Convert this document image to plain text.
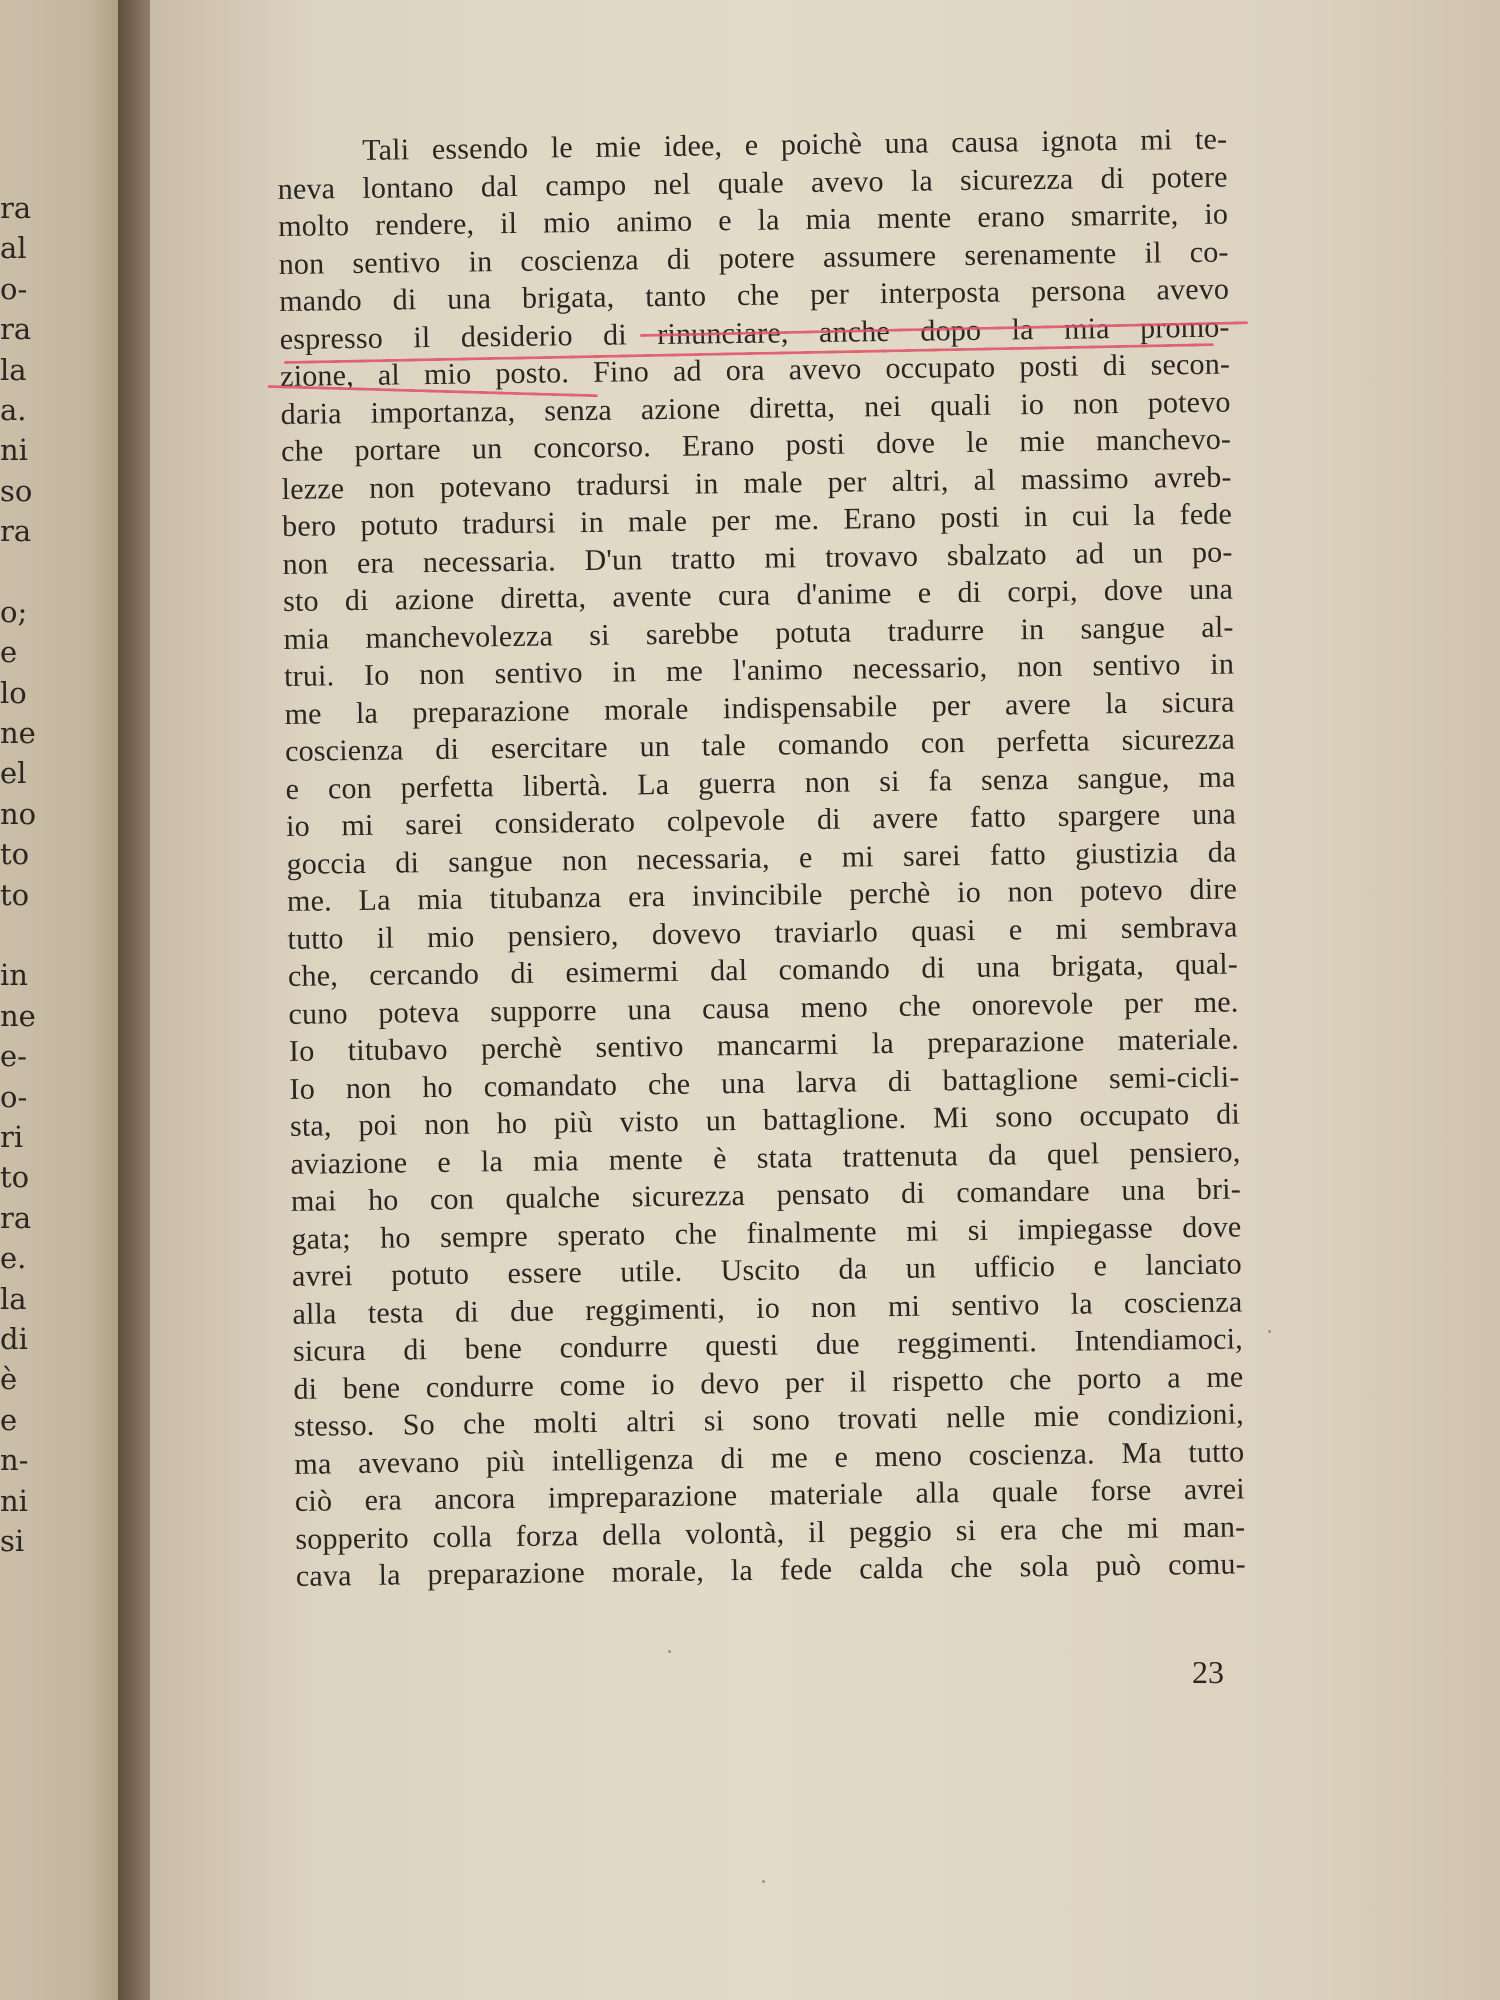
ra
al
o-
ra
la
a.
ni
so
ra
o;
e
lo
ne
el
no
to
to
in
ne
e-
o-
ri
to
ra
e.
la
di
è
e
n-
ni
si
Tali essendo le mie idee, e poichè una causa ignota mi te-
neva lontano dal campo nel quale avevo la sicurezza di potere
molto rendere, il mio animo e la mia mente erano smarrite, io
non sentivo in coscienza di potere assumere serenamente il co-
mando di una brigata, tanto che per interposta persona avevo
espresso il desiderio di rinunciare, anche dopo la mia promo-
zione, al mio posto. Fino ad ora avevo occupato posti di secon-
daria importanza, senza azione diretta, nei quali io non potevo
che portare un concorso. Erano posti dove le mie manchevo-
lezze non potevano tradursi in male per altri, al massimo avreb-
bero potuto tradursi in male per me. Erano posti in cui la fede
non era necessaria. D'un tratto mi trovavo sbalzato ad un po-
sto di azione diretta, avente cura d'anime e di corpi, dove una
mia manchevolezza si sarebbe potuta tradurre in sangue al-
trui. Io non sentivo in me l'animo necessario, non sentivo in
me la preparazione morale indispensabile per avere la sicura
coscienza di esercitare un tale comando con perfetta sicurezza
e con perfetta libertà. La guerra non si fa senza sangue, ma
io mi sarei considerato colpevole di avere fatto spargere una
goccia di sangue non necessaria, e mi sarei fatto giustizia da
me. La mia titubanza era invincibile perchè io non potevo dire
tutto il mio pensiero, dovevo traviarlo quasi e mi sembrava
che, cercando di esimermi dal comando di una brigata, qual-
cuno poteva supporre una causa meno che onorevole per me.
Io titubavo perchè sentivo mancarmi la preparazione materiale.
Io non ho comandato che una larva di battaglione semi-cicli-
sta, poi non ho più visto un battaglione. Mi sono occupato di
aviazione e la mia mente è stata trattenuta da quel pensiero,
mai ho con qualche sicurezza pensato di comandare una bri-
gata; ho sempre sperato che finalmente mi si impiegasse dove
avrei potuto essere utile. Uscito da un ufficio e lanciato
alla testa di due reggimenti, io non mi sentivo la coscienza
sicura di bene condurre questi due reggimenti. Intendiamoci,
di bene condurre come io devo per il rispetto che porto a me
stesso. So che molti altri si sono trovati nelle mie condizioni,
ma avevano più intelligenza di me e meno coscienza. Ma tutto
ciò era ancora impreparazione materiale alla quale forse avrei
sopperito colla forza della volontà, il peggio si era che mi man-
cava la preparazione morale, la fede calda che sola può comu-
23
